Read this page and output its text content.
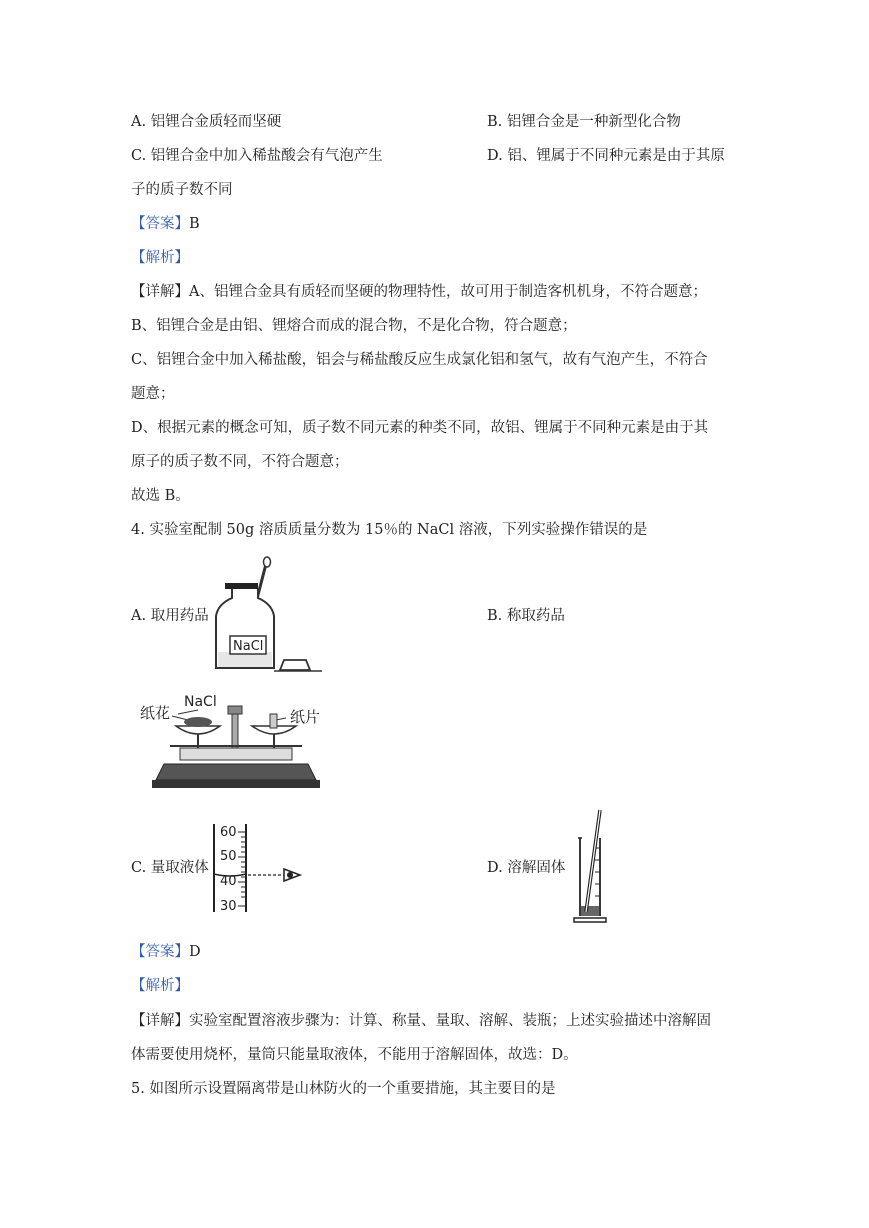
A. 铝锂合金质轻而坚硬	B. 铝锂合金是一种新型化合物
C. 铝锂合金中加入稀盐酸会有气泡产生	D. 铝、锂属于不同种元素是由于其原
子的质子数不同
【答案】B
【解析】
【详解】A、铝锂合金具有质轻而坚硬的物理特性，故可用于制造客机机身，不符合题意；
B、铝锂合金是由铝、锂熔合而成的混合物，不是化合物，符合题意；
C、铝锂合金中加入稀盐酸，铝会与稀盐酸反应生成氯化铝和氢气，故有气泡产生，不符合
题意；
D、根据元素的概念可知，质子数不同元素的种类不同，故铝、锂属于不同种元素是由于其
原子的质子数不同，不符合题意；
故选 B。
4. 实验室配制 50g 溶质质量分数为 15％的 NaCl 溶液，下列实验操作错误的是
A. 取用药品	B. 称取药品
NaCl
纸花
NaCl
纸片
C. 量取液体
60
50
40
30
D. 溶解固体
【答案】D
【解析】
【详解】实验室配置溶液步骤为：计算、称量、量取、溶解、装瓶；上述实验描述中溶解固
体需要使用烧杯，量筒只能量取液体，不能用于溶解固体，故选：D。
5. 如图所示设置隔离带是山林防火的一个重要措施，其主要目的是
